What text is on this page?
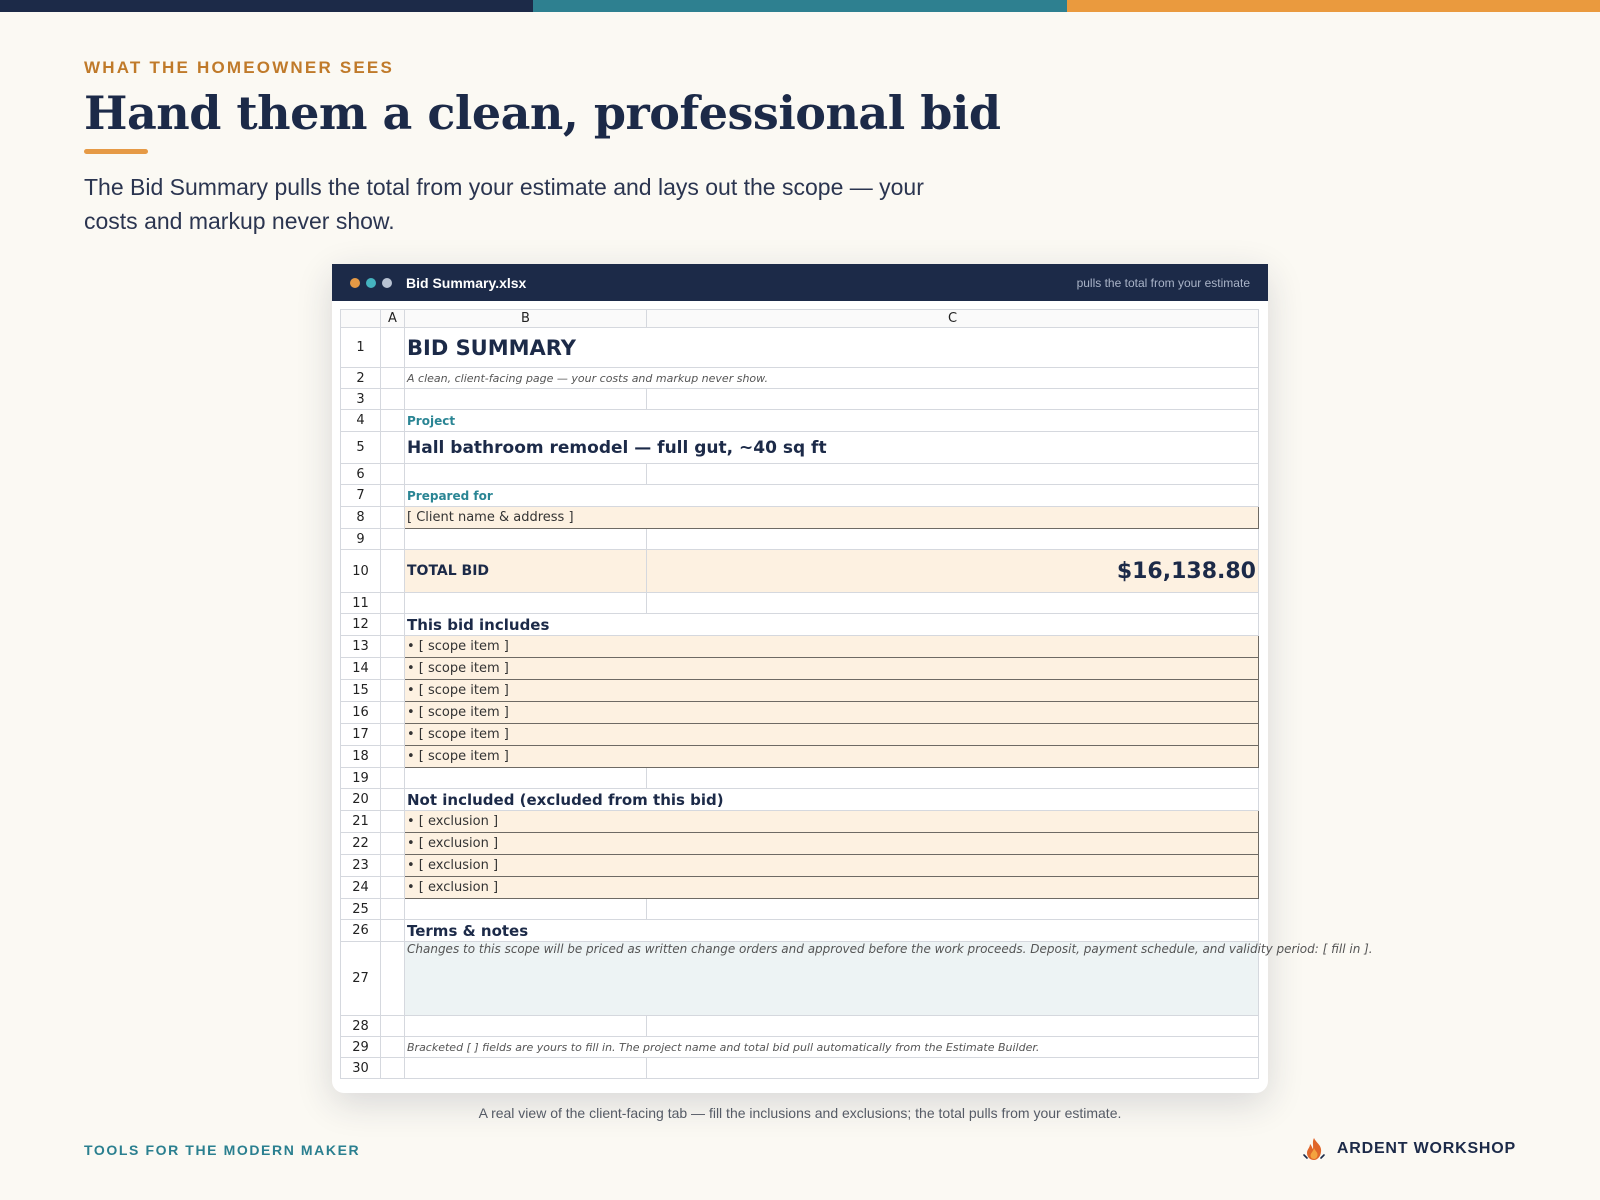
WHAT THE HOMEOWNER SEES
Hand them a clean, professional bid

The Bid Summary pulls the total from your estimate and lays out the scope — your costs and markup never show.

Bid Summary.xlsx	pulls the total from your estimate
	A	B	C
1		BID SUMMARY	
2		A clean, client-facing page — your costs and markup never show.	
3			
4		Project	
5		Hall bathroom remodel — full gut, ~40 sq ft	
6			
7		Prepared for	
8		[ Client name & address ]	
9			
10		TOTAL BID	$16,138.80
11			
12		This bid includes	
13		• [ scope item ]	
14		• [ scope item ]	
15		• [ scope item ]	
16		• [ scope item ]	
17		• [ scope item ]	
18		• [ scope item ]	
19			
20		Not included (excluded from this bid)	
21		• [ exclusion ]	
22		• [ exclusion ]	
23		• [ exclusion ]	
24		• [ exclusion ]	
25			
26		Terms & notes	
27		Changes to this scope will be priced as written change orders and approved before the work proceeds. Deposit, payment schedule, and validity period: [ fill in ].	
28			
29		Bracketed [ ] fields are yours to fill in. The project name and total bid pull automatically from the Estimate Builder.	
30			
A real view of the client-facing tab — fill the inclusions and exclusions; the total pulls from your estimate.
TOOLS FOR THE MODERN MAKER	ARDENT WORKSHOP
